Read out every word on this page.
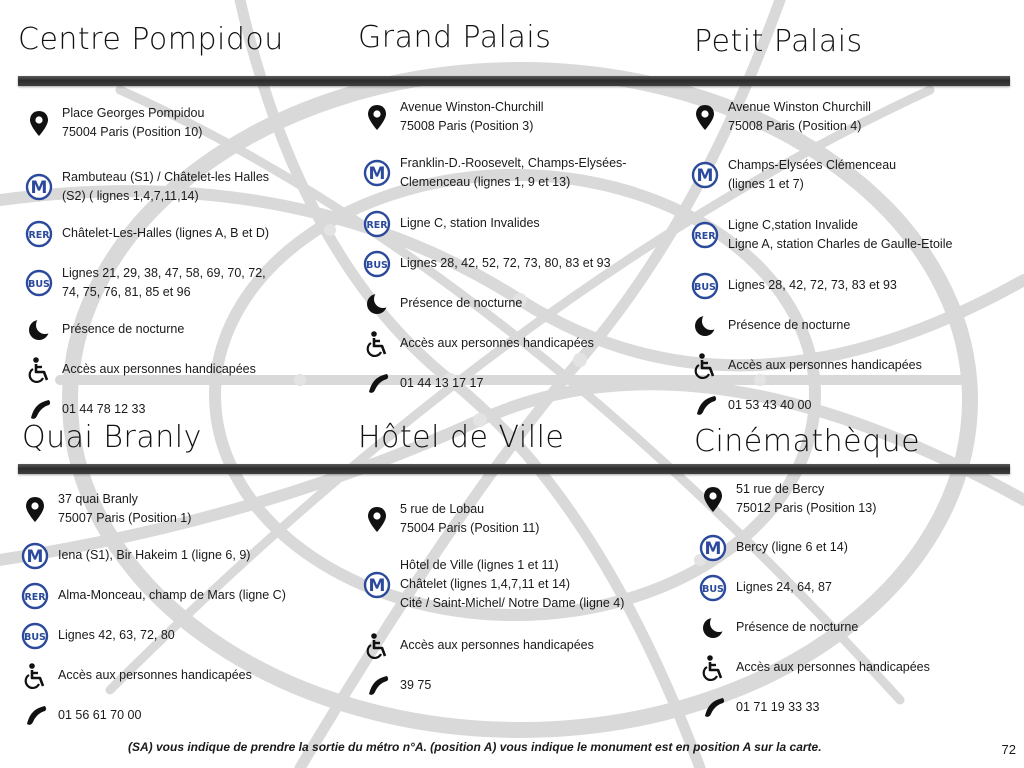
Centre Pompidou
Place Georges Pompidou
75004 Paris (Position 10)
M
Rambuteau (S1) / Châtelet-les Halles
(S2) ( lignes 1,4,7,11,14)
RER Châtelet-Les-Halles (lignes A, B et D)
BUS
Lignes 21, 29, 38, 47, 58, 69, 70, 72,
74, 75, 76, 81, 85 et 96
Présence de nocturne
Accès aux personnes handicapées
01 44 78 12 33
Grand Palais
Avenue Winston-Churchill
75008 Paris (Position 3)
M
Franklin-D.-Roosevelt, Champs-Elysées-
Clemenceau (lignes 1, 9 et 13)
RER Ligne C, station Invalides
BUS Lignes 28, 42, 52, 72, 73, 80, 83 et 93
Présence de nocturne
Accès aux personnes handicapées
01 44 13 17 17
Petit Palais
Avenue Winston Churchill
75008 Paris (Position 4)
M
Champs-Elysées Clémenceau
(lignes 1 et 7)
RER
Ligne C,station Invalide
Ligne A, station Charles de Gaulle-Etoile
BUS Lignes 28, 42, 72, 73, 83 et 93
Présence de nocturne
Accès aux personnes handicapées
01 53 43 40 00
Quai Branly
37 quai Branly
75007 Paris (Position 1)
M Iena (S1), Bir Hakeim 1 (ligne 6, 9)
RER Alma-Monceau, champ de Mars (ligne C)
BUS Lignes 42, 63, 72, 80
Accès aux personnes handicapées
01 56 61 70 00
Hôtel de Ville
5 rue de Lobau
75004 Paris (Position 11)
M
Hôtel de Ville (lignes 1 et 11)
Châtelet (lignes 1,4,7,11 et 14)
Cité / Saint-Michel/ Notre Dame (ligne 4)
Accès aux personnes handicapées
39 75
Cinémathèque
51 rue de Bercy
75012 Paris (Position 13)
M Bercy (ligne 6 et 14)
BUS Lignes 24, 64, 87
Présence de nocturne
Accès aux personnes handicapées
01 71 19 33 33
(SA) vous indique de prendre la sortie du métro n°A. (position A) vous indique le monument est en position A sur la carte.	72
